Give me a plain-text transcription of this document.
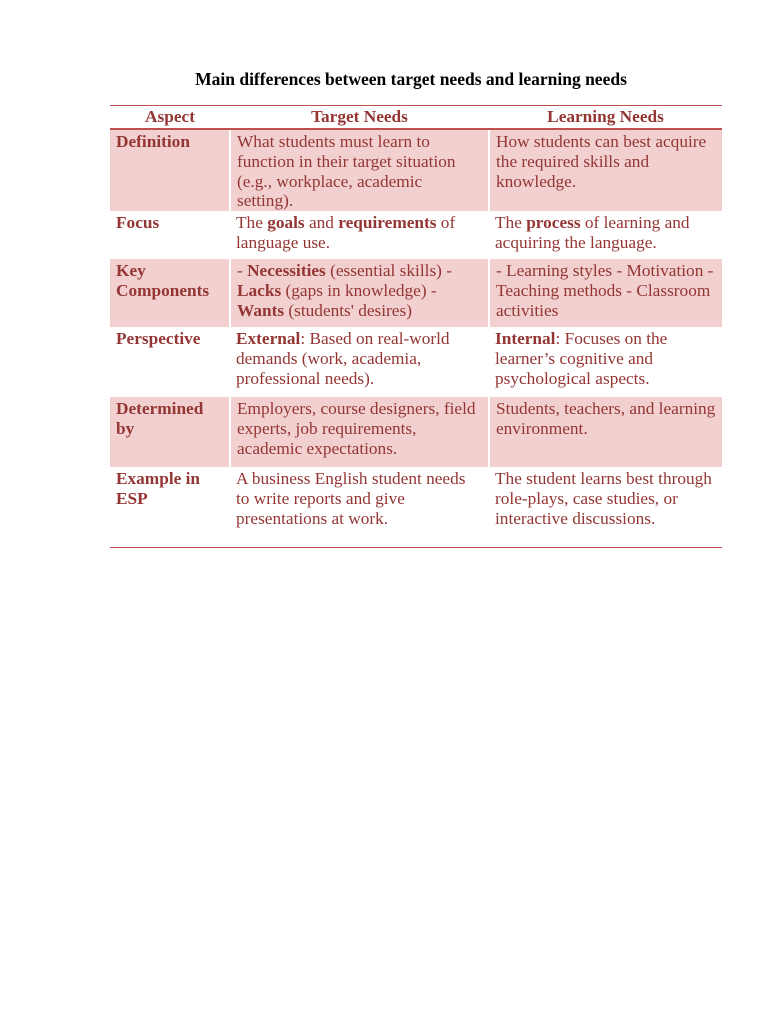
Main differences between target needs and learning needs
Aspect	Target Needs	Learning Needs
Definition	What students must learn to function in their target situation (e.g., workplace, academic setting).	How students can best acquire the required skills and knowledge.
Focus	The goals and requirements of language use.	The process of learning and acquiring the language.
Key Components	- Necessities (essential skills) - Lacks (gaps in knowledge) - Wants (students' desires)	- Learning styles - Motivation - Teaching methods - Classroom activities
Perspective	External: Based on real-world demands (work, academia, professional needs).	Internal: Focuses on the learner’s cognitive and psychological aspects.
Determined by	Employers, course designers, field experts, job requirements, academic expectations.	Students, teachers, and learning environment.
Example in ESP	A business English student needs to write reports and give presentations at work.	The student learns best through role-plays, case studies, or interactive discussions.
